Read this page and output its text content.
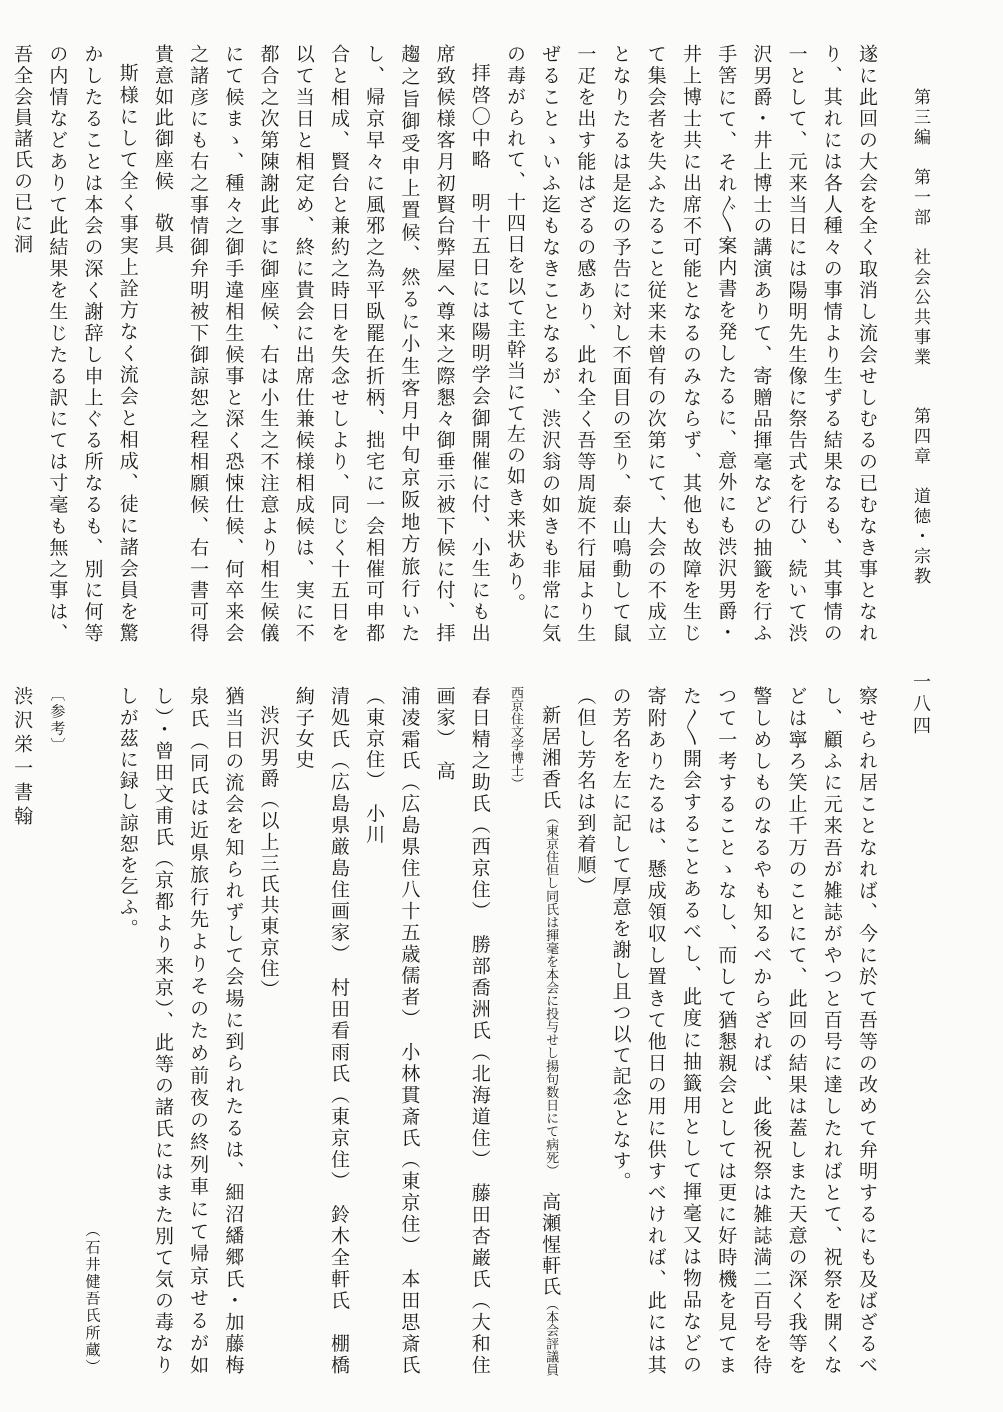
第三編　第一部　社会公共事業  第四章　道徳・宗教
一八四

遂に此回の大会を全く取消し流会せしむるの已むなき事となれり、其れには各人種々の事情より生ずる結果なるも、其事情の一として、元来当日には陽明先生像に祭告式を行ひ、続いて渋沢男爵・井上博士の講演ありて、寄贈品揮毫などの抽籤を行ふ手筈にて、それ〴〵案内書を発したるに、意外にも渋沢男爵・井上博士共に出席不可能となるのみならず、其他も故障を生じて集会者を失ふたること従来未曾有の次第にて、大会の不成立となりたるは是迄の予告に対し不面目の至り、泰山鳴動して鼠一疋を出す能はざるの感あり、此れ全く吾等周旋不行届より生ぜることゝいふ迄もなきことなるが、渋沢翁の如きも非常に気の毒がられて、十四日を以て主幹当にて左の如き来状あり。

拝啓〇中略　明十五日には陽明学会御開催に付、小生にも出席致候様客月初賢台弊屋へ尊来之際懇々御垂示被下候に付、拝趨之旨御受申上置候、然るに小生客月中旬京阪地方旅行いたし、帰京早々に風邪之為平臥罷在折柄、拙宅に一会相催可申都合と相成、賢台と兼約之時日を失念せしより、同じく十五日を以て当日と相定め、終に貴会に出席仕兼候様相成候は、実に不都合之次第陳謝此事に御座候、右は小生之不注意より相生候儀にて候まゝ、種々之御手違相生候事と深く恐悚仕候、何卒来会之諸彦にも右之事情御弁明被下御諒恕之程相願候、右一書可得貴意如此御座候　敬具

斯様にして全く事実上詮方なく流会と相成、徒に諸会員を驚かしたることは本会の深く謝辞し申上ぐる所なるも、別に何等の内情などありて此結果を生じたる訳にては寸毫も無之事は、吾全会員諸氏の已に洞

察せられ居ことなれば、今に於て吾等の改めて弁明するにも及ばざるべし、顧ふに元来吾が雑誌がやつと百号に達したればとて、祝祭を開くなどは寧ろ笑止千万のことにて、此回の結果は蓋しまた天意の深く我等を警しめしものなるやも知るべからざれば、此後祝祭は雑誌満二百号を待つて一考することゝなし、而して猶懇親会としては更に好時機を見てまた〳〵開会することあるべし、此度に抽籤用として揮毫又は物品などの寄附ありたるは、懸成領収し置きて他日の用に供すべければ、此には其の芳名を左に記して厚意を謝し且つ以て記念となす。

（但し芳名は到着順）

新居湘香氏（東京住但し同氏は揮毫を本会に投与せし揚句数日にて病死）　高瀬惺軒氏（本会評議員西京住文学博士）

春日精之助氏（西京住）　勝部喬洲氏（北海道住）　藤田杏巌氏（大和住画家）　高

浦凌霜氏（広島県住八十五歳儒者）　小林貫斎氏（東京住）　本田思斎氏（東京住）　小川

清処氏（広島県厳島住画家）　村田看雨氏（東京住）　鈴木全軒氏　棚橋絢子女史

渋沢男爵（以上三氏共東京住）

猶当日の流会を知られずして会場に到られたるは、細沼繙郷氏・加藤梅泉氏（同氏は近県旅行先よりそのため前夜の終列車にて帰京せるが如し）・曾田文甫氏（京都より来京）、此等の諸氏にはまた別て気の毒なりしが茲に録し諒恕を乞ふ。

（石井健吾氏所蔵）

〔参考〕

渋沢栄一書翰
